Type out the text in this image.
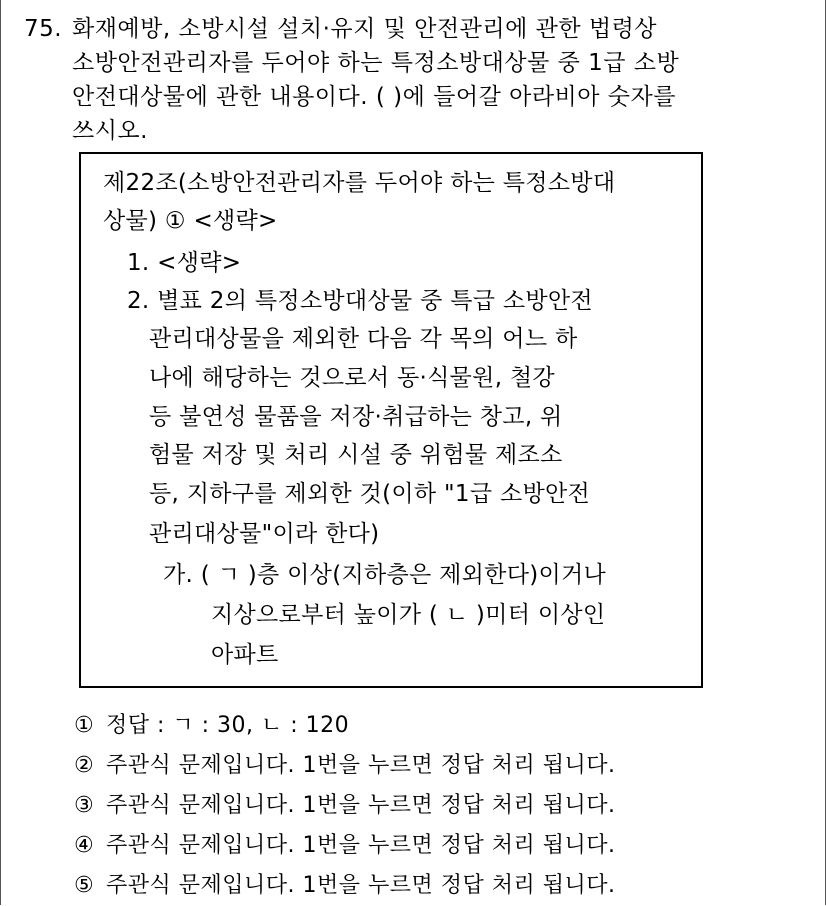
75. 화재예방, 소방시설 설치·유지 및 안전관리에 관한 법령상
소방안전관리자를 두어야 하는 특정소방대상물 중 1급 소방
안전대상물에 관한 내용이다. ( )에 들어갈 아라비아 숫자를
쓰시오.
제22조(소방안전관리자를 두어야 하는 특정소방대
상물) ① <생략>
1. <생략>
2. 별표 2의 특정소방대상물 중 특급 소방안전
관리대상물을 제외한 다음 각 목의 어느 하
나에 해당하는 것으로서 동·식물원, 철강
등 불연성 물품을 저장·취급하는 창고, 위
험물 저장 및 처리 시설 중 위험물 제조소
등, 지하구를 제외한 것(이하 "1급 소방안전
관리대상물"이라 한다)
가. ( ㄱ )층 이상(지하층은 제외한다)이거나
지상으로부터 높이가 ( ㄴ )미터 이상인
아파트
① 정답 : ㄱ : 30, ㄴ : 120
② 주관식 문제입니다. 1번을 누르면 정답 처리 됩니다.
③ 주관식 문제입니다. 1번을 누르면 정답 처리 됩니다.
④ 주관식 문제입니다. 1번을 누르면 정답 처리 됩니다.
⑤ 주관식 문제입니다. 1번을 누르면 정답 처리 됩니다.
